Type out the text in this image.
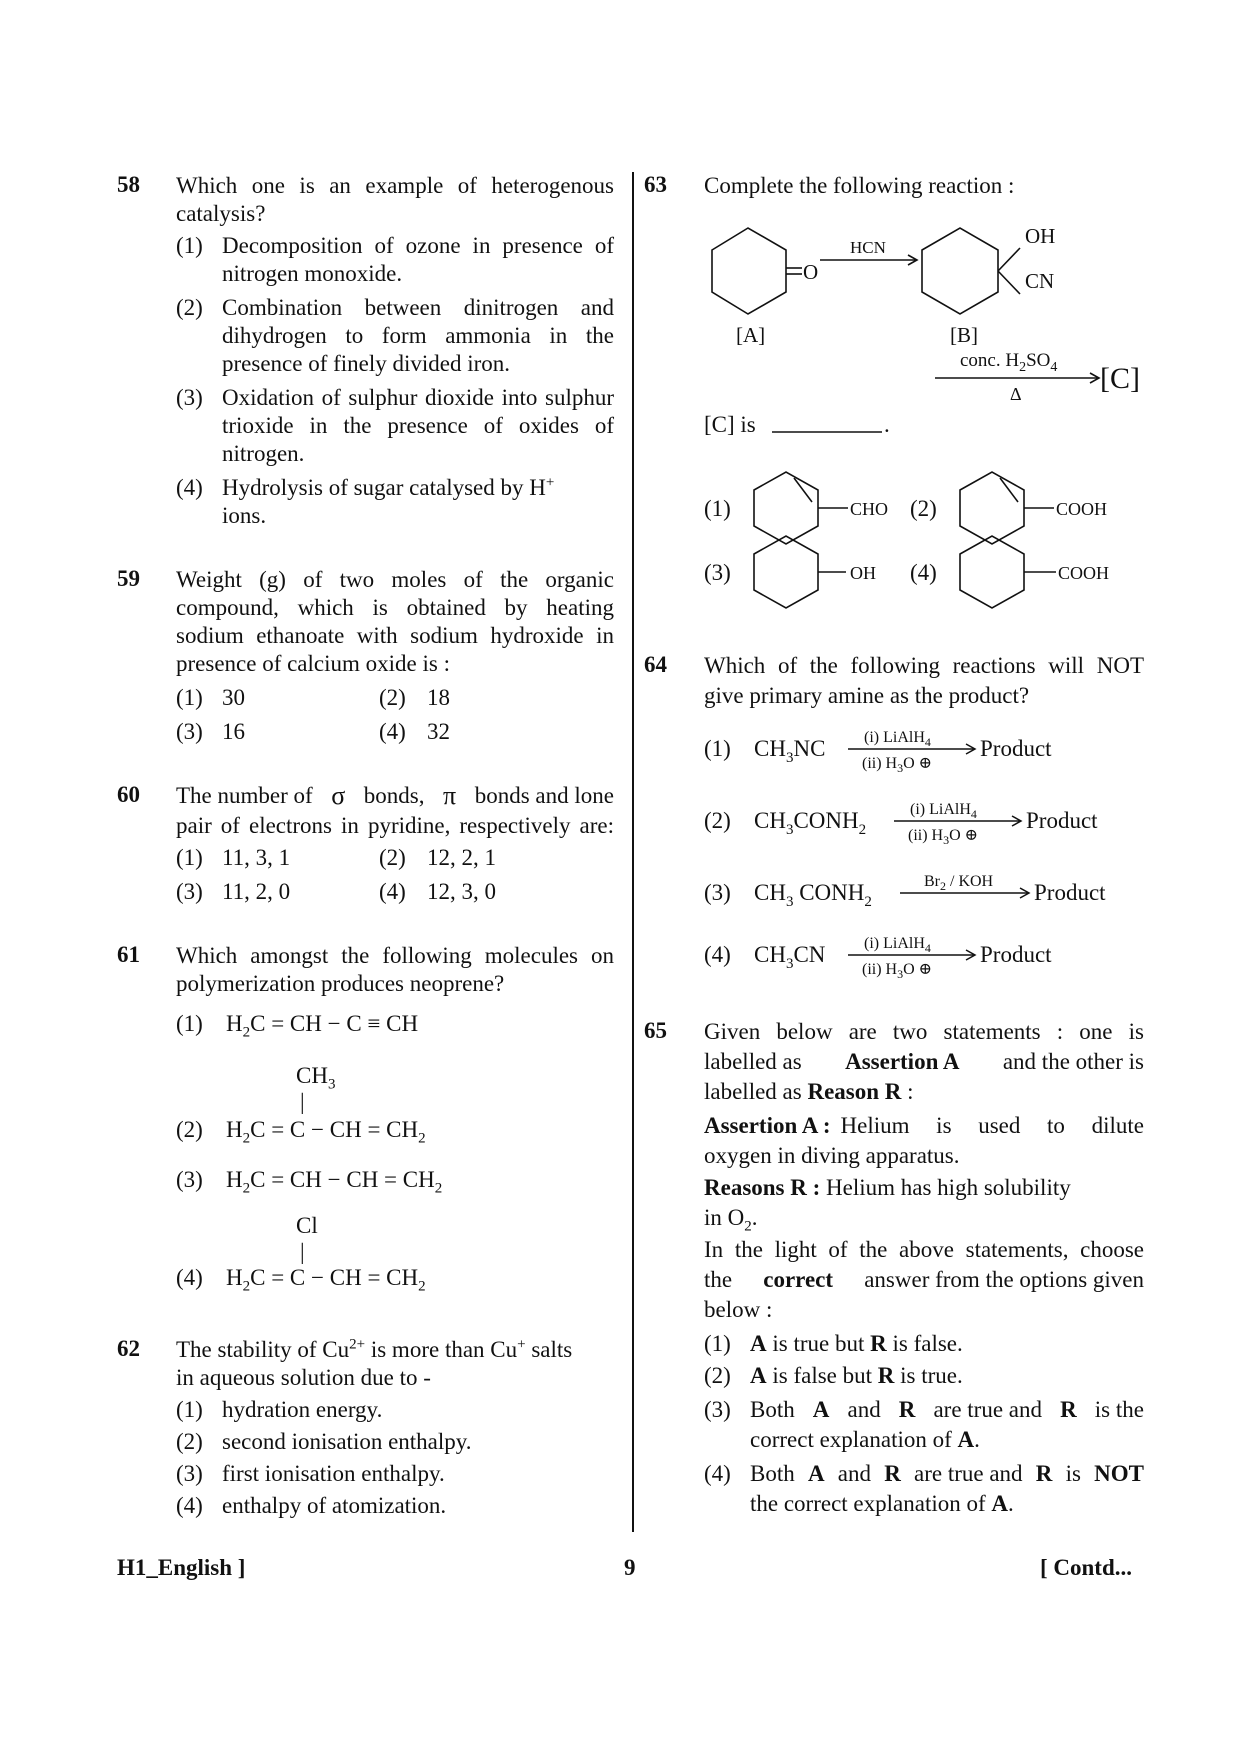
58 Which one is an example of heterogenous
catalysis?
(1) Decomposition of ozone in presence of
nitrogen monoxide.
(2) Combination between dinitrogen and
dihydrogen to form ammonia in the
presence of finely divided iron.
(3) Oxidation of sulphur dioxide into sulphur
trioxide in the presence of oxides of
nitrogen.
(4) Hydrolysis of sugar catalysed by H+
ions.
59 Weight (g) of two moles of the organic
compound, which is obtained by heating
sodium ethanoate with sodium hydroxide in
presence of calcium oxide is :
(1) 30	(2) 18
(3) 16	(4) 32
60 The number of σ bonds, π bonds and lone
pair of electrons in pyridine, respectively are:
(1) 11, 3, 1	(2) 12, 2, 1
(3) 11, 2, 0	(4) 12, 3, 0
61 Which amongst the following molecules on
polymerization produces neoprene?
(1) $H_2C$ = CH − C ≡ CH
$CH_3$
|
(2) $H_2C = C$ − CH = $CH_2$
(3) $H_2C$ = CH − CH = $CH_2$
Cl
|
(4) $H_2C = C$ − CH = $CH_2$
62 The stability of $Cu^{2+}$ is more than Cu+ salts
in aqueous solution due to -
(1) hydration energy.
(2) second ionisation enthalpy.
(3) first ionisation enthalpy.
(4) enthalpy of atomization.
63 Complete the following reaction :
O
HCN	OH
CN
[A]	[B]
conc. $H_2SO_4$
Δ	[C]
[C] is	.
(1)	CHO (2)	COOH
(3)	OH (4)	COOH
64 Which of the following reactions will NOT
give primary amine as the product?
(1) $CH_3NC$ (i) LiAlH$_4$
(ii) $H_3O$ ⊕
Product
(2) $CH_3CONH_2$
(i) LiAlH$_4$
(ii) $H_3O$ ⊕
Product
(3) $CH_3$ $CONH_2$
$Br_2$ / KOH Product
(4) $CH_3CN$ (i) LiAlH$_4$
(ii) $H_3O$ ⊕
Product
65 Given below are two statements : one is
labelled as Assertion A and the other is
labelled as Reason R :
Assertion A : Helium is used to dilute
oxygen in diving apparatus.
Reasons R : Helium has high solubility
in $O_2$.
In the light of the above statements, choose
the correct answer from the options given
below :
(1) A is true but R is false.
(2) A is false but R is true.
(3) Both A and R are true and R is the
correct explanation of A.
(4) Both A and R are true and R is NOT
the correct explanation of A.
H1_English ]	9	[ Contd...
